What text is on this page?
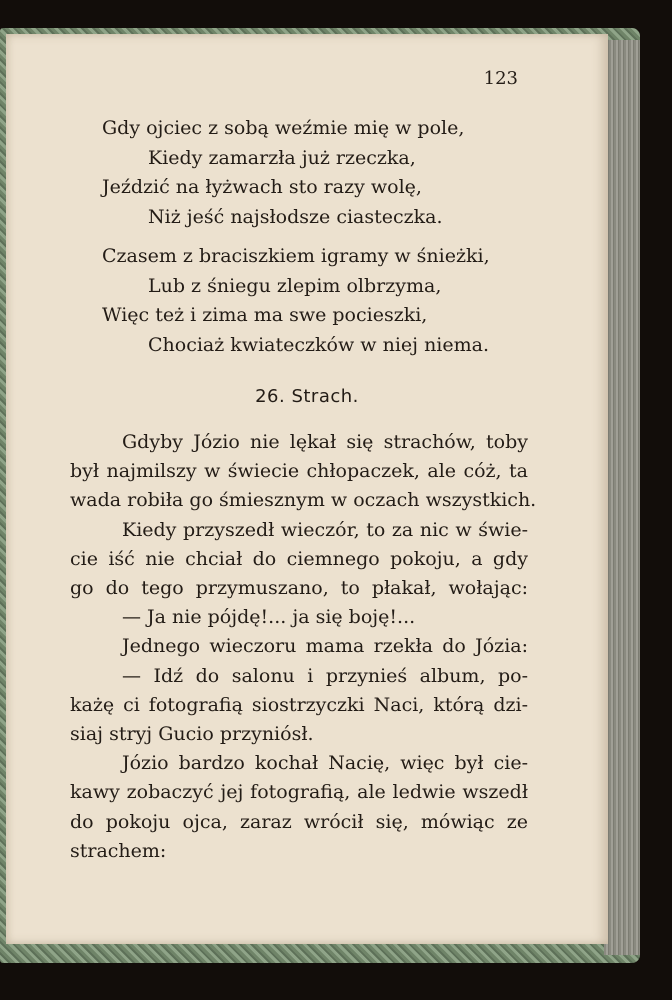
123
Gdy ojciec z sobą weźmie mię w pole,
Kiedy zamarzła już rzeczka,
Jeździć na łyżwach sto razy wolę,
Niż jeść najsłodsze ciasteczka.
Czasem z braciszkiem igramy w śnieżki,
Lub z śniegu zlepim olbrzyma,
Więc też i zima ma swe pocieszki,
Chociaż kwiateczków w niej niema.
26. Strach.
Gdyby Józio nie lękał się strachów, toby
był najmilszy w świecie chłopaczek, ale cóż, ta
wada robiła go śmiesznym w oczach wszystkich.
Kiedy przyszedł wieczór, to za nic w świe-
cie iść nie chciał do ciemnego pokoju, a gdy
go do tego przymuszano, to płakał, wołając:
— Ja nie pójdę!... ja się boję!...
Jednego wieczoru mama rzekła do Józia:
— Idź do salonu i przynieś album, po-
każę ci fotografią siostrzyczki Naci, którą dzi-
siaj stryj Gucio przyniósł.
Józio bardzo kochał Nacię, więc był cie-
kawy zobaczyć jej fotografią, ale ledwie wszedł
do pokoju ojca, zaraz wrócił się, mówiąc ze
strachem:
